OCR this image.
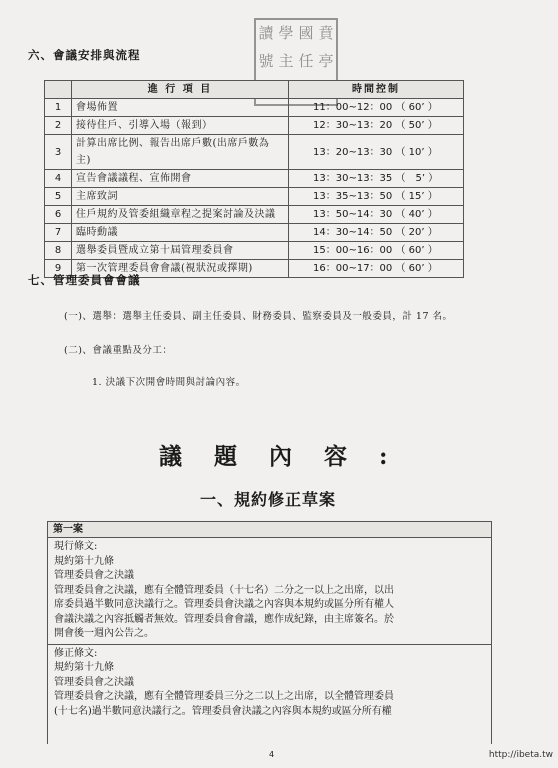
六、會議安排與流程
讀 學 國 賁
號 主 任 亭
	進 行 項 目	時間控制
1	會場佈置	11：00~12：00 （ 60’ ）
2	接待住戶、引導入場（報到）	12：30~13：20 （ 50’ ）
3	計算出席比例、報告出席戶數(出席戶數為主)	13：20~13：30 （ 10’ ）
4	宣告會議議程、宣佈開會	13：30~13：35 （　5’ ）
5	主席致詞	13：35~13：50 （ 15’ ）
6	住戶規約及管委組織章程之提案討論及決議	13：50~14：30 （ 40’ ）
7	臨時動議	14：30~14：50 （ 20’ ）
8	選舉委員暨成立第十屆管理委員會	15：00~16：00 （ 60’ ）
9	第一次管理委員會會議(視狀況或擇期)	16：00~17：00 （ 60’ ）
七、管理委員會會議
(一)、選舉：選舉主任委員、副主任委員、財務委員、監察委員及一般委員，計 17 名。
(二)、會議重點及分工：
1. 決議下次開會時間與討論內容。
議題內容:
一、規約修正草案
第一案
現行條文:
規約第十九條
管理委員會之決議
管理委員會之決議，應有全體管理委員（十七名）二分之一以上之出席，以出
席委員過半數同意決議行之。管理委員會決議之內容與本規約或區分所有權人
會議決議之內容抵觸者無效。管理委員會會議，應作成紀錄，由主席簽名。於
開會後一週內公告之。
修正條文:
規約第十九條
管理委員會之決議
管理委員會之決議，應有全體管理委員三分之二以上之出席，以全體管理委員
(十七名)過半數同意決議行之。管理委員會決議之內容與本規約或區分所有權
4	http://ibeta.tw
